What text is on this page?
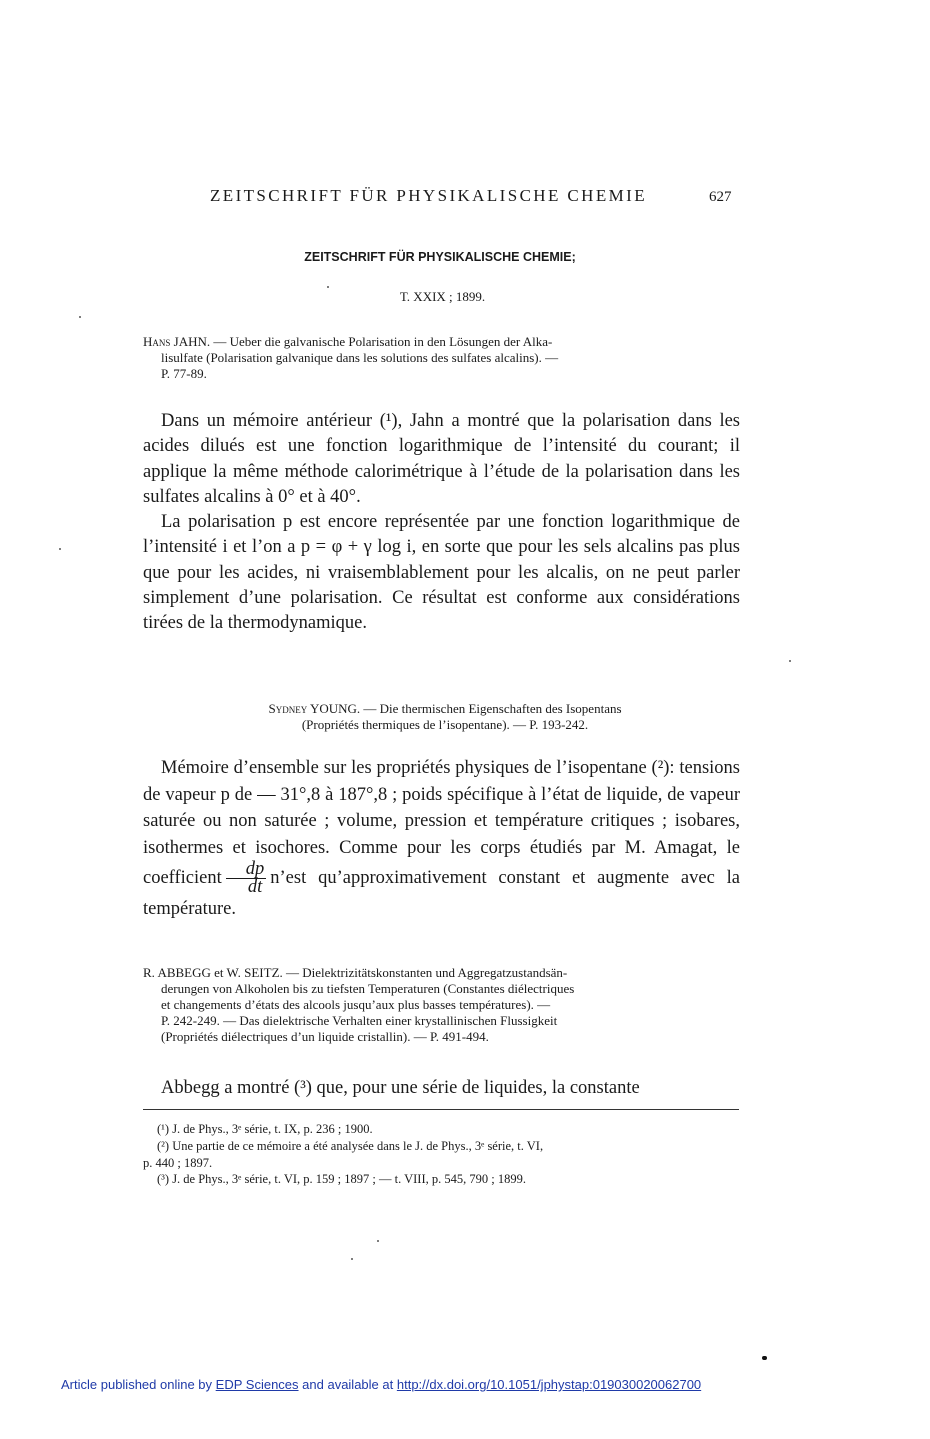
ZEITSCHRIFT FÜR PHYSIKALISCHE CHEMIE	627
ZEITSCHRIFT FÜR PHYSIKALISCHE CHEMIE;
T. XXIX ; 1899.
Hans JAHN. — Ueber die galvanische Polarisation in den Lösungen der Alka-
lisulfate (Polarisation galvanique dans les solutions des sulfates alcalins). —
P. 77-89.

Dans un mémoire antérieur (¹), Jahn a montré que la polarisation dans les acides dilués est une fonction logarithmique de l’intensité du courant; il applique la même méthode calorimétrique à l’étude de la polarisation dans les sulfates alcalins à 0° et à 40°.

La polarisation p est encore représentée par une fonction logarithmique de l’intensité i et l’on a p = φ + γ log i, en sorte que pour les sels alcalins pas plus que pour les acides, ni vraisemblablement pour les alcalis, on ne peut parler simplement d’une polarisation. Ce résultat est conforme aux considérations tirées de la thermodynamique.

Sydney YOUNG. — Die thermischen Eigenschaften des Isopentans
(Propriétés thermiques de l’isopentane). — P. 193-242.

Mémoire d’ensemble sur les propriétés physiques de l’isopentane (²): tensions de vapeur p de — 31°,8 à 187°,8 ; poids spécifique à l’état de liquide, de vapeur saturée ou non saturée ; volume, pression et température critiques ; isobares, isothermes et isochores. Comme pour les corps étudiés par M. Amagat, le coefficient $\frac{dp}{dt}$ n’est qu’approximativement constant et augmente avec la température.

R. ABBEGG et W. SEITZ. — Dielektrizitätskonstanten und Aggregatzustandsän-
derungen von Alkoholen bis zu tiefsten Temperaturen (Constantes diélectriques
et changements d’états des alcools jusqu’aux plus basses températures). —
P. 242-249. — Das dielektrische Verhalten einer krystallinischen Flussigkeit
(Propriétés diélectriques d’un liquide cristallin). — P. 491-494.

Abbegg a montré (³) que, pour une série de liquides, la constante

(¹) J. de Phys., 3ᵉ série, t. IX, p. 236 ; 1900.
(²) Une partie de ce mémoire a été analysée dans le J. de Phys., 3ᵉ série, t. VI,
p. 440 ; 1897.
(³) J. de Phys., 3ᵉ série, t. VI, p. 159 ; 1897 ; — t. VIII, p. 545, 790 ; 1899.
Article published online by EDP Sciences and available at http://dx.doi.org/10.1051/jphystap:019030020062700
